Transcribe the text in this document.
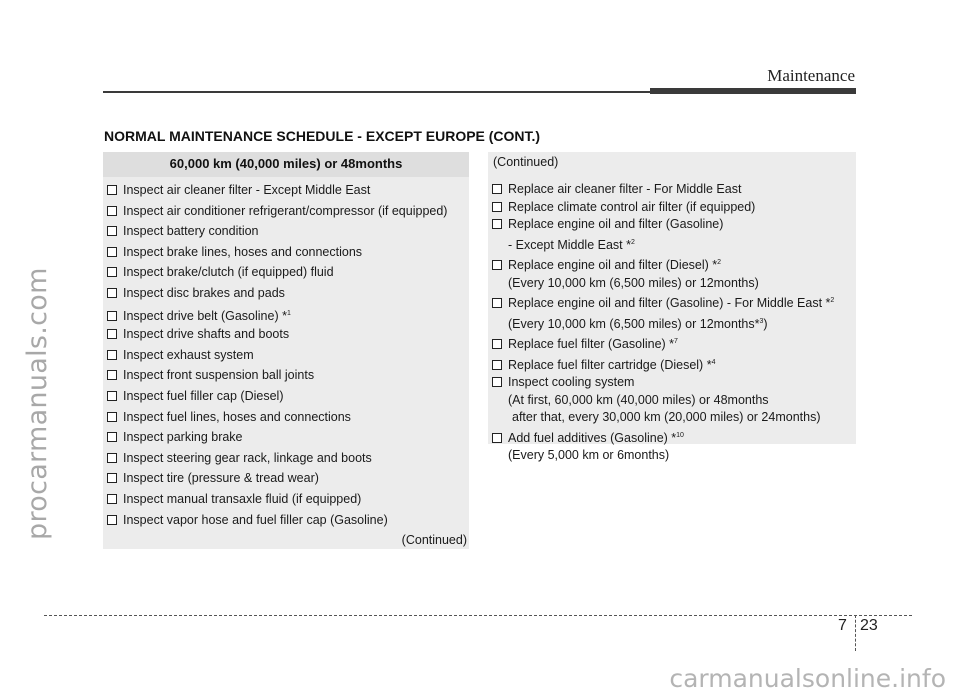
procarmanuals.com
carmanualsonline.info
Maintenance
NORMAL MAINTENANCE SCHEDULE - EXCEPT EUROPE (CONT.)
60,000 km (40,000 miles) or 48months
Inspect air cleaner filter - Except Middle East
Inspect air conditioner refrigerant/compressor (if equipped)
Inspect battery condition
Inspect brake lines, hoses and connections
Inspect brake/clutch (if equipped) fluid
Inspect disc brakes and pads
Inspect drive belt (Gasoline) *$^1$
Inspect drive shafts and boots
Inspect exhaust system
Inspect front suspension ball joints
Inspect fuel filler cap (Diesel)
Inspect fuel lines, hoses and connections
Inspect parking brake
Inspect steering gear rack, linkage and boots
Inspect tire (pressure & tread wear)
Inspect manual transaxle fluid (if equipped)
Inspect vapor hose and fuel filler cap (Gasoline)
(Continued)
(Continued)
Replace air cleaner filter - For Middle East
Replace climate control air filter (if equipped)
Replace engine oil and filter (Gasoline)
- Except Middle East *$^2$
Replace engine oil and filter (Diesel) *$^2$
(Every 10,000 km (6,500 miles) or 12months)
Replace engine oil and filter (Gasoline) - For Middle East *$^2$
(Every 10,000 km (6,500 miles) or 12months*$^3$)
Replace fuel filter (Gasoline) *$^7$
Replace fuel filter cartridge (Diesel) *$^4$
Inspect cooling system
(At first, 60,000 km (40,000 miles) or 48months
after that, every 30,000 km (20,000 miles) or 24months)
Add fuel additives (Gasoline) *$^{10}$
(Every 5,000 km or 6months)
7 23
